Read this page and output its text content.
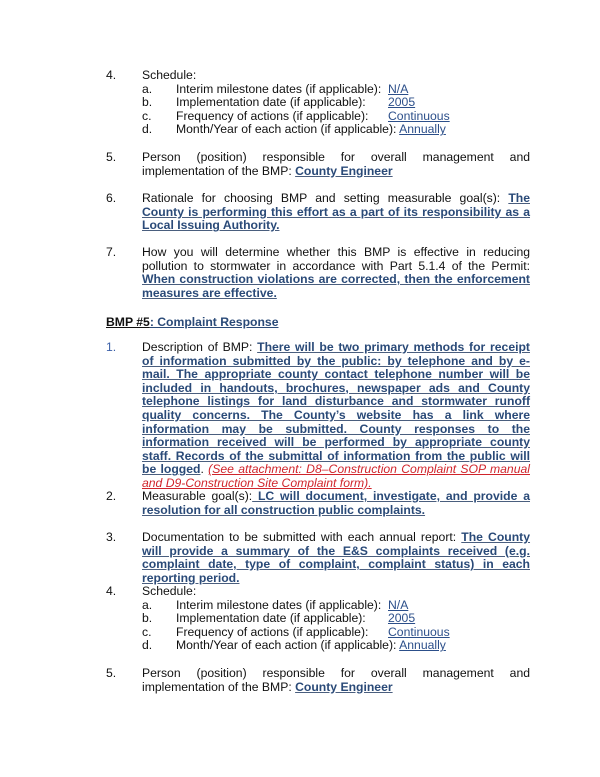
4.	Schedule:
a. Interim milestone dates (if applicable): N/A
b. Implementation date (if applicable): 2005
c. Frequency of actions (if applicable): Continuous
d. Month/Year of each action (if applicable): Annually
5.	Person (position) responsible for overall management and implementation of the BMP: County Engineer
6.	Rationale for choosing BMP and setting measurable goal(s): The County is performing this effort as a part of its responsibility as a Local Issuing Authority.
7.	How you will determine whether this BMP is effective in reducing pollution to stormwater in accordance with Part 5.1.4 of the Permit: When construction violations are corrected, then the enforcement measures are effective.
BMP #5: Complaint Response
1.	Description of BMP: There will be two primary methods for receipt of information submitted by the public: by telephone and by e-mail. The appropriate county contact telephone number will be included in handouts, brochures, newspaper ads and County telephone listings for land disturbance and stormwater runoff quality concerns. The County’s website has a link where information may be submitted. County responses to the information received will be performed by appropriate county staff. Records of the submittal of information from the public will be logged. (See attachment: D8–Construction Complaint SOP manual and D9-Construction Site Complaint form).
2.	Measurable goal(s): LC will document, investigate, and provide a resolution for all construction public complaints.
3.	Documentation to be submitted with each annual report: The County will provide a summary of the E&S complaints received (e.g. complaint date, type of complaint, complaint status) in each reporting period.
4.	Schedule:
a. Interim milestone dates (if applicable): N/A
b. Implementation date (if applicable): 2005
c. Frequency of actions (if applicable): Continuous
d. Month/Year of each action (if applicable): Annually
5.	Person (position) responsible for overall management and implementation of the BMP: County Engineer
